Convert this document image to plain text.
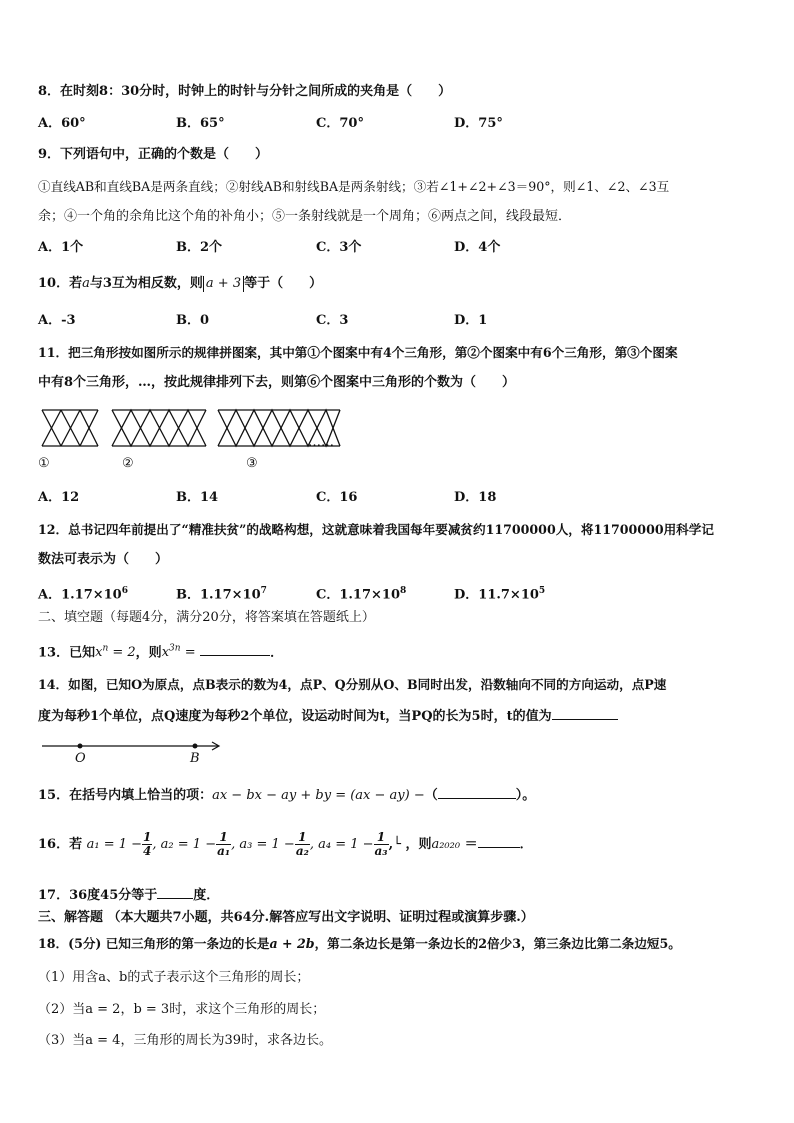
8．在时刻8：30分时，时钟上的时针与分针之间所成的夹角是（　　）
A．60°	B．65°	C．70°	D．75°
9．下列语句中，正确的个数是（　　）
①直线AB和直线BA是两条直线；②射线AB和射线BA是两条射线；③若∠1+∠2+∠3＝90°，则∠1、∠2、∠3互
余；④一个角的余角比这个角的补角小；⑤一条射线就是一个周角；⑥两点之间，线段最短．
A．1个	B．2个	C．3个	D．4个
10．若a与3互为相反数，则 a + 3 等于（　　）
A．-3	B．0	C．3	D．1
11．把三角形按如图所示的规律拼图案，其中第①个图案中有4个三角形，第②个图案中有6个三角形，第③个图案
中有8个三角形，…，按此规律排列下去，则第⑥个图案中三角形的个数为（　　）
……
①	②	③
A．12	B．14	C．16	D．18
12．总书记四年前提出了“精准扶贫”的战略构想，这就意味着我国每年要减贫约11700000人，将11700000用科学记
数法可表示为（　　）
A．$1.17\times 10^6$	B．$1.17\times 10^7$	C．$1.17\times 10^8$	D．$11.7\times 10^5$
二、填空题（每题4分，满分20分，将答案填在答题纸上）
13．已知$x^n = 2$，则$x^{3n}$ =	．
14．如图，已知O为原点，点B表示的数为4，点P、Q分别从O、B同时出发，沿数轴向不同的方向运动，点P速
度为每秒1个单位，点Q速度为每秒2个单位，设运动时间为t，当PQ的长为5时，t的值为
O	B
15．在括号内填上恰当的项：ax − bx − ay + by = (ax − ay) −（	）。
16．若 $a_1 = 1 - \frac{1}{4}$ , $a_2 = 1 - \frac{1}{\text{a₁}}$ , $a_3 = 1 - \frac{1}{\text{a₂}}$ , $a_4 = 1 - \frac{1}{\text{a₃}}$ ,└ ，则a₂₀₂₀ ＝	．
17．36度45分等于	度．
三、解答题 （本大题共7小题，共64分.解答应写出文字说明、证明过程或演算步骤.）
18．(5分) 已知三角形的第一条边的长是a + 2b，第二条边长是第一条边长的2倍少3，第三条边比第二条边短5。
（1）用含a、b的式子表示这个三角形的周长；
（2）当a = 2，b = 3时，求这个三角形的周长；
（3）当a = 4，三角形的周长为39时，求各边长。
